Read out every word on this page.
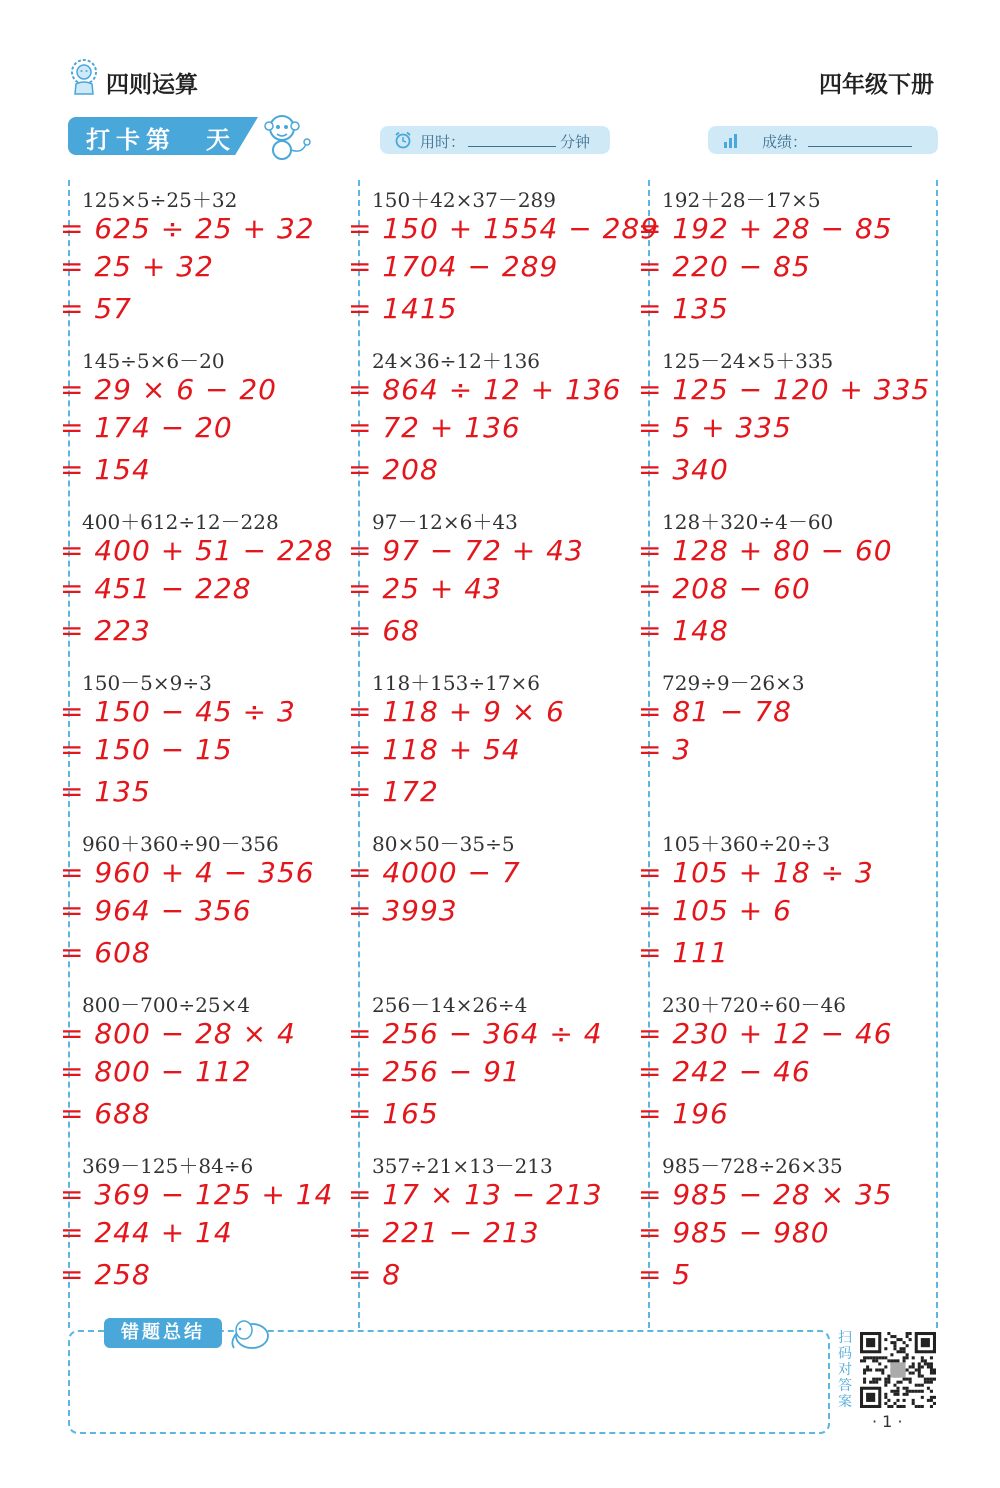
四则运算	四年级下册
打卡第　天	用时：	分钟	成绩：
125×5÷25＋32
= 625 ÷ 25 + 32
= 25 + 32
= 57
145÷5×6－20
= 29 × 6 − 20
= 174 − 20
= 154
400＋612÷12－228
= 400 + 51 − 228
= 451 − 228
= 223
150－5×9÷3
= 150 − 45 ÷ 3
= 150 − 15
= 135
960＋360÷90－356
= 960 + 4 − 356
= 964 − 356
= 608
800－700÷25×4
= 800 − 28 × 4
= 800 − 112
= 688
369－125＋84÷6
= 369 − 125 + 14
= 244 + 14
= 258
150＋42×37－289
= 150 + 1554 − 289
= 1704 − 289
= 1415
24×36÷12＋136
= 864 ÷ 12 + 136
= 72 + 136
= 208
97－12×6＋43
= 97 − 72 + 43
= 25 + 43
= 68
118＋153÷17×6
= 118 + 9 × 6
= 118 + 54
= 172
80×50－35÷5
= 4000 − 7
= 3993
256－14×26÷4
= 256 − 364 ÷ 4
= 256 − 91
= 165
357÷21×13－213
= 17 × 13 − 213
= 221 − 213
= 8
192＋28－17×5
= 192 + 28 − 85
= 220 − 85
= 135
125－24×5＋335
= 125 − 120 + 335
= 5 + 335
= 340
128＋320÷4－60
= 128 + 80 − 60
= 208 − 60
= 148
729÷9－26×3
= 81 − 78
= 3
105＋360÷20÷3
= 105 + 18 ÷ 3
= 105 + 6
= 111
230＋720÷60－46
= 230 + 12 − 46
= 242 − 46
= 196
985－728÷26×35
= 985 − 28 × 35
= 985 − 980
= 5
错题总结	扫码对答案
· 1 ·
